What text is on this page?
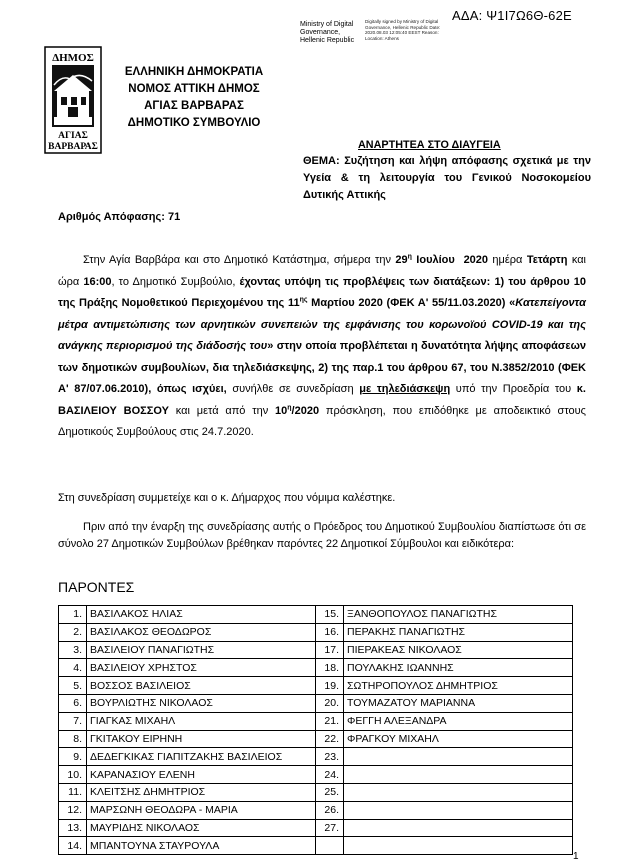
ΑΔΑ: Ψ1Ι7Ω6Θ-62Ε
Ministry of Digital Governance, Hellenic Republic
Digitally signed by Ministry of Digital Governance, Hellenic Republic Date: 2020.08.03 12:05:40 EEST Reason: Location: Athens
ΔΗΜΟΣ
ΑΓΙΑΣ
ΒΑΡΒΑΡΑΣ
ΕΛΛΗΝΙΚΗ ΔΗΜΟΚΡΑΤΙΑ
ΝΟΜΟΣ ΑΤΤΙΚΗ ΔΗΜΟΣ
ΑΓΙΑΣ ΒΑΡΒΑΡΑΣ
ΔΗΜΟΤΙΚΟ ΣΥΜΒΟΥΛΙΟ
ΑΝΑΡΤΗΤΕΑ ΣΤΟ ΔΙΑΥΓΕΙΑ
ΘΕΜΑ: Συζήτηση και λήψη απόφασης σχετικά με την Υγεία & τη λειτουργία του Γενικού Νοσοκομείου Δυτικής Αττικής
Αριθμός Απόφασης: 71
Στην Αγία Βαρβάρα και στο Δημοτικό Κατάστημα, σήμερα την $29^\eta$ Ιουλίου 2020 ημέρα Τετάρτη και ώρα 16:00, το Δημοτικό Συμβούλιο, έχοντας υπόψη τις προβλέψεις των διατάξεων: 1) του άρθρου 10 της Πράξης Νομοθετικού Περιεχομένου της $11^{\eta\varsigma}$ Μαρτίου 2020 (ΦΕΚ Α' 55/11.03.2020) «Κατεπείγοντα μέτρα αντιμετώπισης των αρνητικών συνεπειών της εμφάνισης του κορωνοϊού COVID-19 και της ανάγκης περιορισμού της διάδοσής του» στην οποία προβλέπεται η δυνατότητα λήψης αποφάσεων των δημοτικών συμβουλίων, δια τηλεδιάσκεψης, 2) της παρ.1 του άρθρου 67, του Ν.3852/2010 (ΦΕΚ Α' 87/07.06.2010), όπως ισχύει, συνήλθε σε συνεδρίαση με τηλεδιάσκεψη υπό την Προεδρία του κ. ΒΑΣΙΛΕΙΟΥ ΒΟΣΣΟΥ και μετά από την $10^\eta/2020$ πρόσκληση, που επιδόθηκε με αποδεικτικό στους Δημοτικούς Συμβούλους στις 24.7.2020.
Στη συνεδρίαση συμμετείχε και ο κ. Δήμαρχος που νόμιμα καλέστηκε.
Πριν από την έναρξη της συνεδρίασης αυτής ο Πρόεδρος του Δημοτικού Συμβουλίου διαπίστωσε ότι σε σύνολο 27 Δημοτικών Συμβούλων βρέθηκαν παρόντες 22 Δημοτικοί Σύμβουλοι και ειδικότερα:
ΠΑΡΟΝΤΕΣ
1.	ΒΑΣΙΛΑΚΟΣ ΗΛΙΑΣ	15.	ΞΑΝΘΟΠΟΥΛΟΣ ΠΑΝΑΓΙΩΤΗΣ
2.	ΒΑΣΙΛΑΚΟΣ ΘΕΟΔΩΡΟΣ	16.	ΠΕΡΑΚΗΣ ΠΑΝΑΓΙΩΤΗΣ
3.	ΒΑΣΙΛΕΙΟΥ ΠΑΝΑΓΙΩΤΗΣ	17.	ΠΙΕΡΑΚΕΑΣ ΝΙΚΟΛΑΟΣ
4.	ΒΑΣΙΛΕΙΟΥ ΧΡΗΣΤΟΣ	18.	ΠΟΥΛΑΚΗΣ ΙΩΑΝΝΗΣ
5.	ΒΟΣΣΟΣ ΒΑΣΙΛΕΙΟΣ	19.	ΣΩΤΗΡΟΠΟΥΛΟΣ ΔΗΜΗΤΡΙΟΣ
6.	ΒΟΥΡΛΙΩΤΗΣ ΝΙΚΟΛΑΟΣ	20.	ΤΟΥΜΑΖΑΤΟΥ ΜΑΡΙΑΝΝΑ
7.	ΓΙΑΓΚΑΣ ΜΙΧΑΗΛ	21.	ΦΕΓΓΗ ΑΛΕΞΑΝΔΡΑ
8.	ΓΚΙΤΑΚΟΥ ΕΙΡΗΝΗ	22.	ΦΡΑΓΚΟΥ ΜΙΧΑΗΛ
9.	ΔΕΔΕΓΚΙΚΑΣ ΓΙΑΠΙΤΖΑΚΗΣ ΒΑΣΙΛΕΙΟΣ	23.	
10.	ΚΑΡΑΝΑΣΙΟΥ ΕΛΕΝΗ	24.	
11.	ΚΛΕΙΤΣΗΣ ΔΗΜΗΤΡΙΟΣ	25.	
12.	ΜΑΡΣΩΝΗ ΘΕΟΔΩΡΑ - ΜΑΡΙΑ	26.	
13.	ΜΑΥΡΙΔΗΣ ΝΙΚΟΛΑΟΣ	27.	
14.	ΜΠΑΝΤΟΥΝΑ ΣΤΑΥΡΟΥΛΑ		
1
